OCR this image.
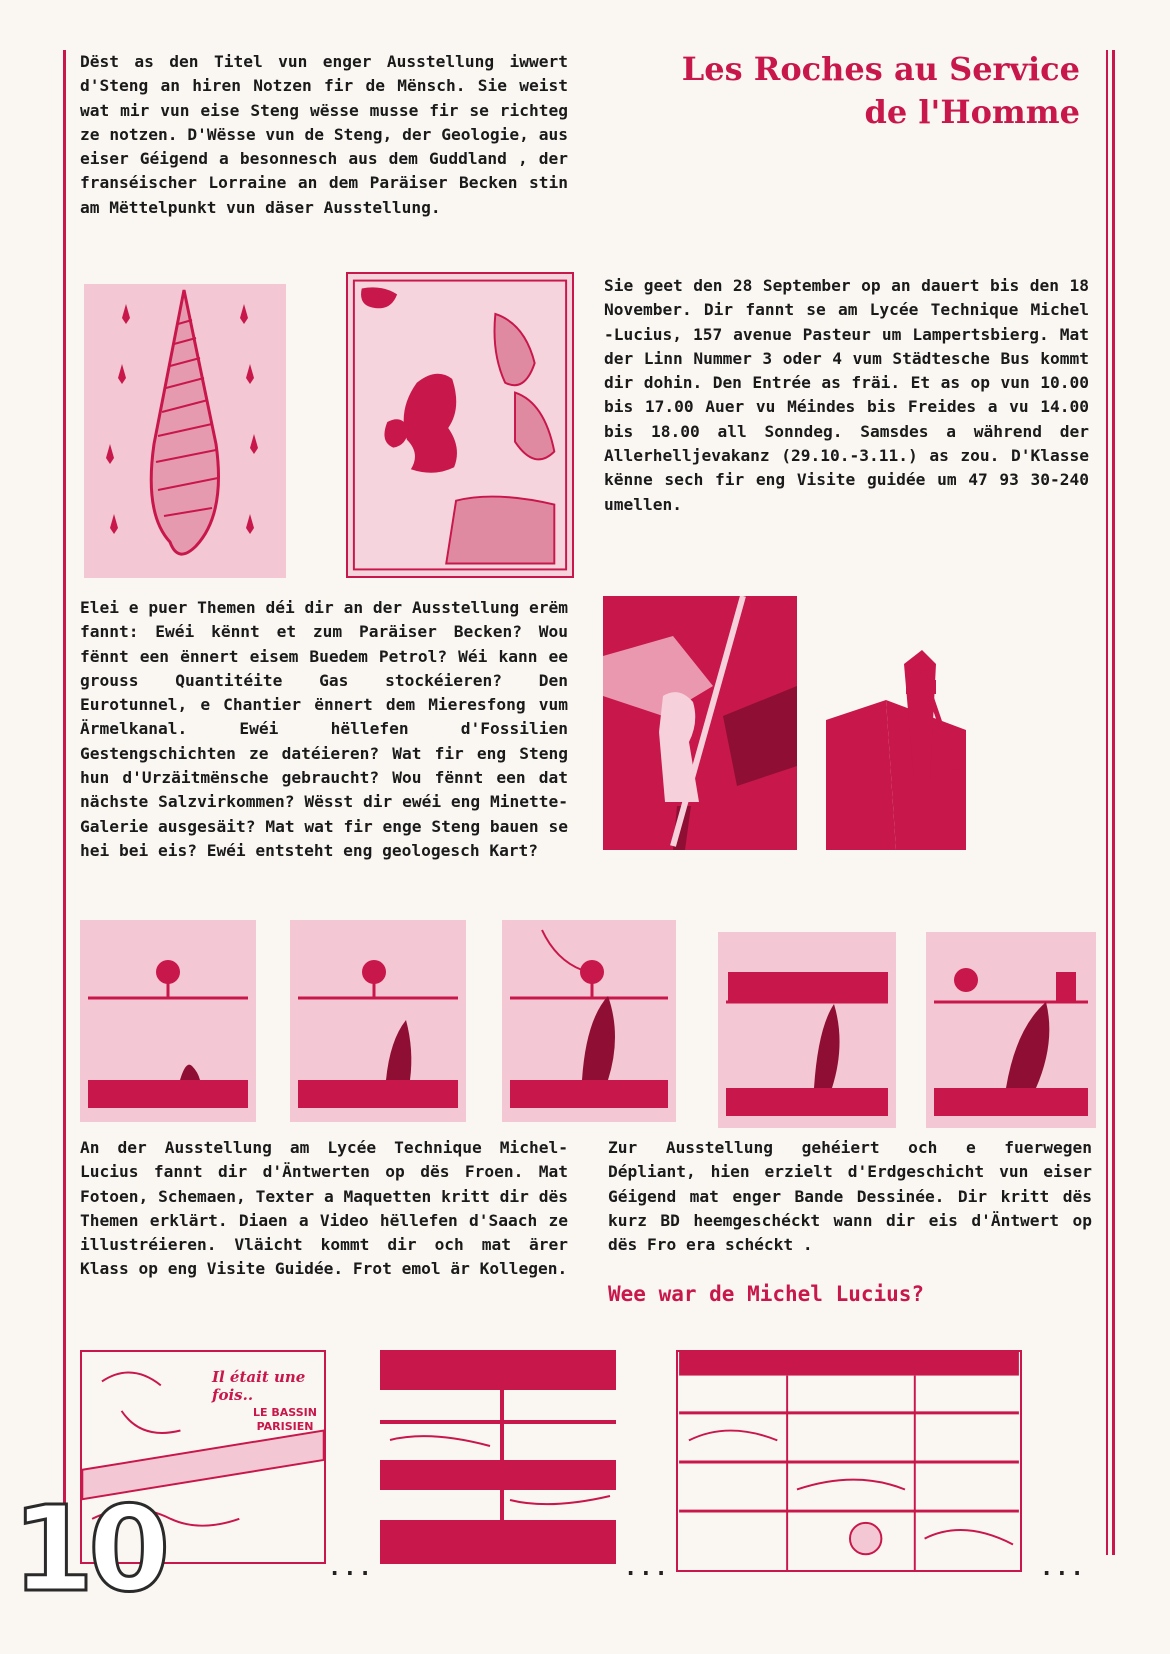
Les Roches au Service
de l'Homme
Dëst as den Titel vun enger Ausstellung iwwert d'Steng an hiren Notzen fir de Mënsch. Sie weist wat mir vun eise Steng wësse musse fir se richteg ze notzen. D'Wësse vun de Steng, der Geologie, aus eiser Géigend a besonnesch aus dem Guddland , der franséischer Lorraine an dem Paräiser Becken stin am Mëttelpunkt vun däser Ausstellung.
Sie geet den 28 September op an dauert bis den 18 November. Dir fannt se am Lycée Technique Michel -Lucius, 157 avenue Pasteur um Lampertsbierg. Mat der Linn Nummer 3 oder 4 vum Städtesche Bus kommt dir dohin. Den Entrée as fräi. Et as op vun 10.00 bis 17.00 Auer vu Méindes bis Freides a vu 14.00 bis 18.00 all Sonndeg. Samsdes a während der Allerhelljevakanz (29.10.-3.11.) as zou. D'Klasse kënne sech fir eng Visite guidée um 47 93 30-240 umellen.
Elei e puer Themen déi dir an der Ausstellung erëm fannt: Ewéi kënnt et zum Paräiser Becken? Wou fënnt een ënnert eisem Buedem Petrol? Wéi kann ee grouss Quantitéite Gas stockéieren? Den Eurotunnel, e Chantier ënnert dem Mieresfong vum Ärmelkanal. Ewéi hëllefen d'Fossilien Gestengschichten ze datéieren? Wat fir eng Steng hun d'Urzäitmënsche gebraucht? Wou fënnt een dat nächste Salzvirkommen? Wësst dir ewéi eng Minette-Galerie ausgesäit? Mat wat fir enge Steng bauen se hei bei eis? Ewéi entsteht eng geologesch Kart?
An der Ausstellung am Lycée Technique Michel-Lucius fannt dir d'Äntwerten op dës Froen. Mat Fotoen, Schemaen, Texter a Maquetten kritt dir dës Themen erklärt. Diaen a Video hëllefen d'Saach ze illustréieren. Vläicht kommt dir och mat ärer Klass op eng Visite Guidée. Frot emol är Kollegen.
Zur Ausstellung gehéiert och e fuerwegen Dépliant, hien erzielt d'Erdgeschicht vun eiser Géigend mat enger Bande Dessinée. Dir kritt dës kurz BD heemgeschéckt wann dir eis d'Äntwert op dës Fro era schéckt .
Wee war de Michel Lucius?
Il était une fois..
LE BASSIN PARISIEN
...	...	...
10
